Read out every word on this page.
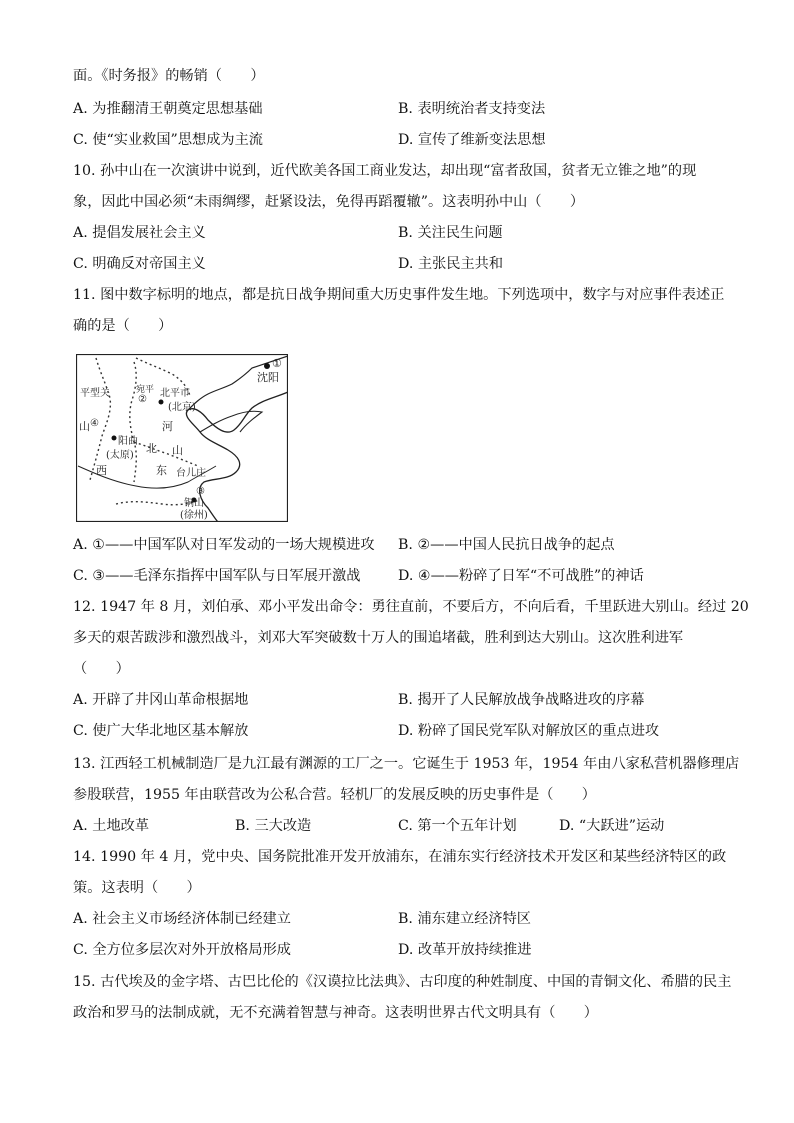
面。《时务报》的畅销（　　）
A. 为推翻清王朝奠定思想基础	B. 表明统治者支持变法
C. 使“实业救国”思想成为主流	D. 宣传了维新变法思想
10. 孙中山在一次演讲中说到，近代欧美各国工商业发达，却出现“富者敌国，贫者无立锥之地”的现
象，因此中国必须“未雨绸缪，赶紧设法，免得再蹈覆辙”。这表明孙中山（　　）
A. 提倡发展社会主义	B. 关注民生问题
C. 明确反对帝国主义	D. 主张民主共和
11. 图中数字标明的地点，都是抗日战争期间重大历史事件发生地。下列选项中，数字与对应事件表述正
确的是（　　）
①
沈阳
②
北平市
(北京)
宛平
平型关
④
山
阳曲
(太原)
西
河
北 山
东 台儿庄
③
铜山
(徐州)
A. ①——中国军队对日军发动的一场大规模进攻 B. ②——中国人民抗日战争的起点
C. ③——毛泽东指挥中国军队与日军展开激战	D. ④——粉碎了日军“不可战胜”的神话
12. 1947 年 8 月，刘伯承、邓小平发出命令：勇往直前，不要后方，不向后看，千里跃进大别山。经过 20
多天的艰苦跋涉和激烈战斗，刘邓大军突破数十万人的围追堵截，胜利到达大别山。这次胜利进军
（　　）
A. 开辟了井冈山革命根据地	B. 揭开了人民解放战争战略进攻的序幕
C. 使广大华北地区基本解放	D. 粉碎了国民党军队对解放区的重点进攻
13. 江西轻工机械制造厂是九江最有渊源的工厂之一。它诞生于 1953 年，1954 年由八家私营机器修理店
参股联营，1955 年由联营改为公私合营。轻机厂的发展反映的历史事件是（　　）
A. 土地改革	B. 三大改造	C. 第一个五年计划	D. “大跃进”运动
14. 1990 年 4 月，党中央、国务院批准开发开放浦东，在浦东实行经济技术开发区和某些经济特区的政
策。这表明（　　）
A. 社会主义市场经济体制已经建立	B. 浦东建立经济特区
C. 全方位多层次对外开放格局形成	D. 改革开放持续推进
15. 古代埃及的金字塔、古巴比伦的《汉谟拉比法典》、古印度的种姓制度、中国的青铜文化、希腊的民主
政治和罗马的法制成就，无不充满着智慧与神奇。这表明世界古代文明具有（　　）
